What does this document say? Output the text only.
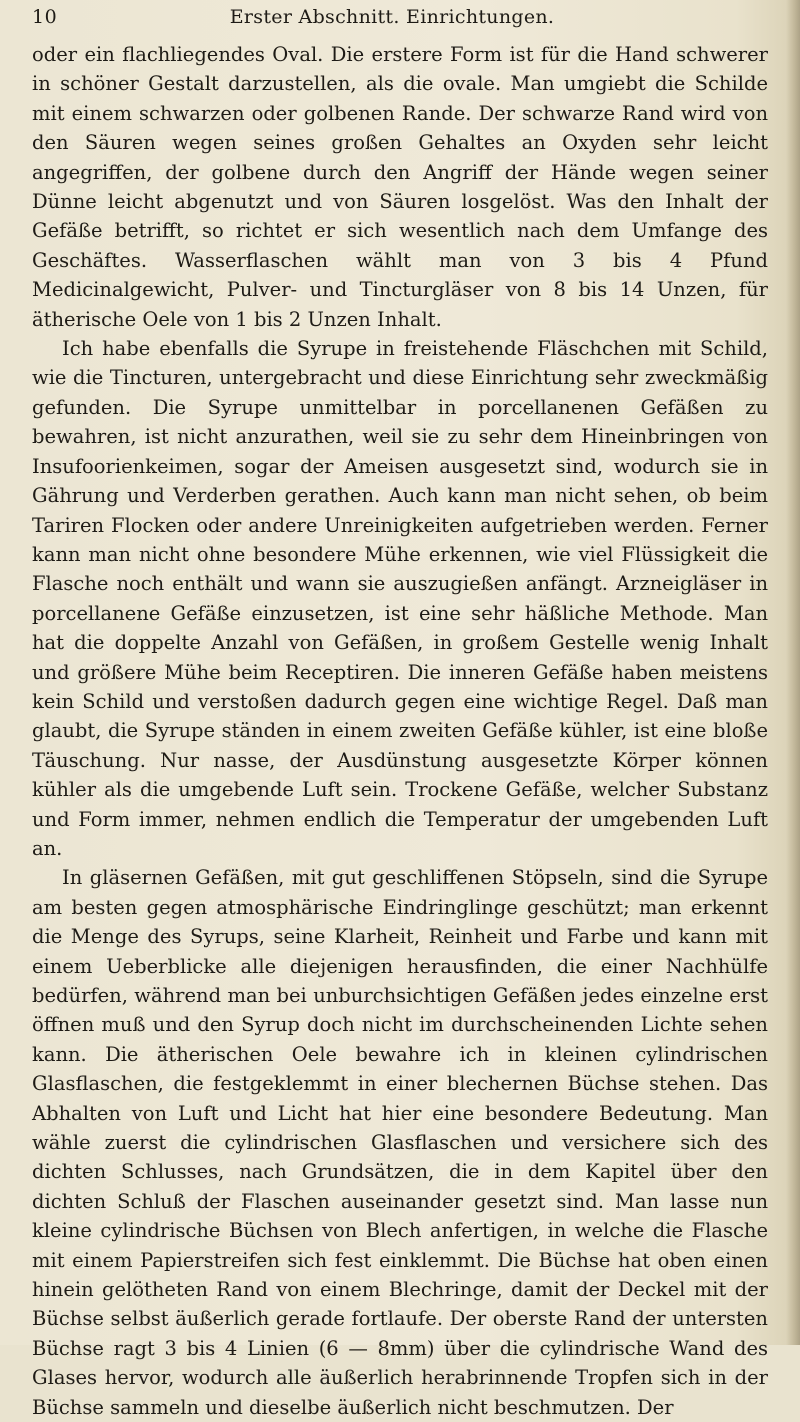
10	Erster Abschnitt. Einrichtungen.

oder ein flachliegendes Oval. Die erstere Form ist für die Hand schwerer in schöner Gestalt darzustellen, als die ovale. Man umgiebt die Schilde mit einem schwarzen oder golbenen Rande. Der schwarze Rand wird von den Säuren wegen seines großen Gehaltes an Oxyden sehr leicht angegriffen, der golbene durch den Angriff der Hände wegen seiner Dünne leicht abgenutzt und von Säuren losgelöst. Was den Inhalt der Gefäße betrifft, so richtet er sich wesentlich nach dem Umfange des Geschäftes. Wasserflaschen wählt man von 3 bis 4 Pfund Medicinalgewicht, Pulver- und Tincturgläser von 8 bis 14 Unzen, für ätherische Oele von 1 bis 2 Unzen Inhalt.

Ich habe ebenfalls die Syrupe in freistehende Fläschchen mit Schild, wie die Tincturen, untergebracht und diese Einrichtung sehr zweckmäßig gefunden. Die Syrupe unmittelbar in porcellanenen Gefäßen zu bewahren, ist nicht anzurathen, weil sie zu sehr dem Hineinbringen von Insufoorienkeimen, sogar der Ameisen ausgesetzt sind, wodurch sie in Gährung und Verderben gerathen. Auch kann man nicht sehen, ob beim Tariren Flocken oder andere Unreinigkeiten aufgetrieben werden. Ferner kann man nicht ohne besondere Mühe erkennen, wie viel Flüssigkeit die Flasche noch enthält und wann sie auszugießen anfängt. Arzneigläser in porcellanene Gefäße einzusetzen, ist eine sehr häßliche Methode. Man hat die doppelte Anzahl von Gefäßen, in großem Gestelle wenig Inhalt und größere Mühe beim Receptiren. Die inneren Gefäße haben meistens kein Schild und verstoßen dadurch gegen eine wichtige Regel. Daß man glaubt, die Syrupe ständen in einem zweiten Gefäße kühler, ist eine bloße Täuschung. Nur nasse, der Ausdünstung ausgesetzte Körper können kühler als die umgebende Luft sein. Trockene Gefäße, welcher Substanz und Form immer, nehmen endlich die Temperatur der umgebenden Luft an.

In gläsernen Gefäßen, mit gut geschliffenen Stöpseln, sind die Syrupe am besten gegen atmosphärische Eindringlinge geschützt; man erkennt die Menge des Syrups, seine Klarheit, Reinheit und Farbe und kann mit einem Ueberblicke alle diejenigen herausfinden, die einer Nachhülfe bedürfen, während man bei unburchsichtigen Gefäßen jedes einzelne erst öffnen muß und den Syrup doch nicht im durchscheinenden Lichte sehen kann. Die ätherischen Oele bewahre ich in kleinen cylindrischen Glasflaschen, die festgeklemmt in einer blechernen Büchse stehen. Das Abhalten von Luft und Licht hat hier eine besondere Bedeutung. Man wähle zuerst die cylindrischen Glasflaschen und versichere sich des dichten Schlusses, nach Grundsätzen, die in dem Kapitel über den dichten Schluß der Flaschen auseinander gesetzt sind. Man lasse nun kleine cylindrische Büchsen von Blech anfertigen, in welche die Flasche mit einem Papierstreifen sich fest einklemmt. Die Büchse hat oben einen hinein gelötheten Rand von einem Blechringe, damit der Deckel mit der Büchse selbst äußerlich gerade fortlaufe. Der oberste Rand der untersten Büchse ragt 3 bis 4 Linien (6 — 8mm) über die cylindrische Wand des Glases hervor, wodurch alle äußerlich herabrinnende Tropfen sich in der Büchse sammeln und dieselbe äußerlich nicht beschmutzen. Der
